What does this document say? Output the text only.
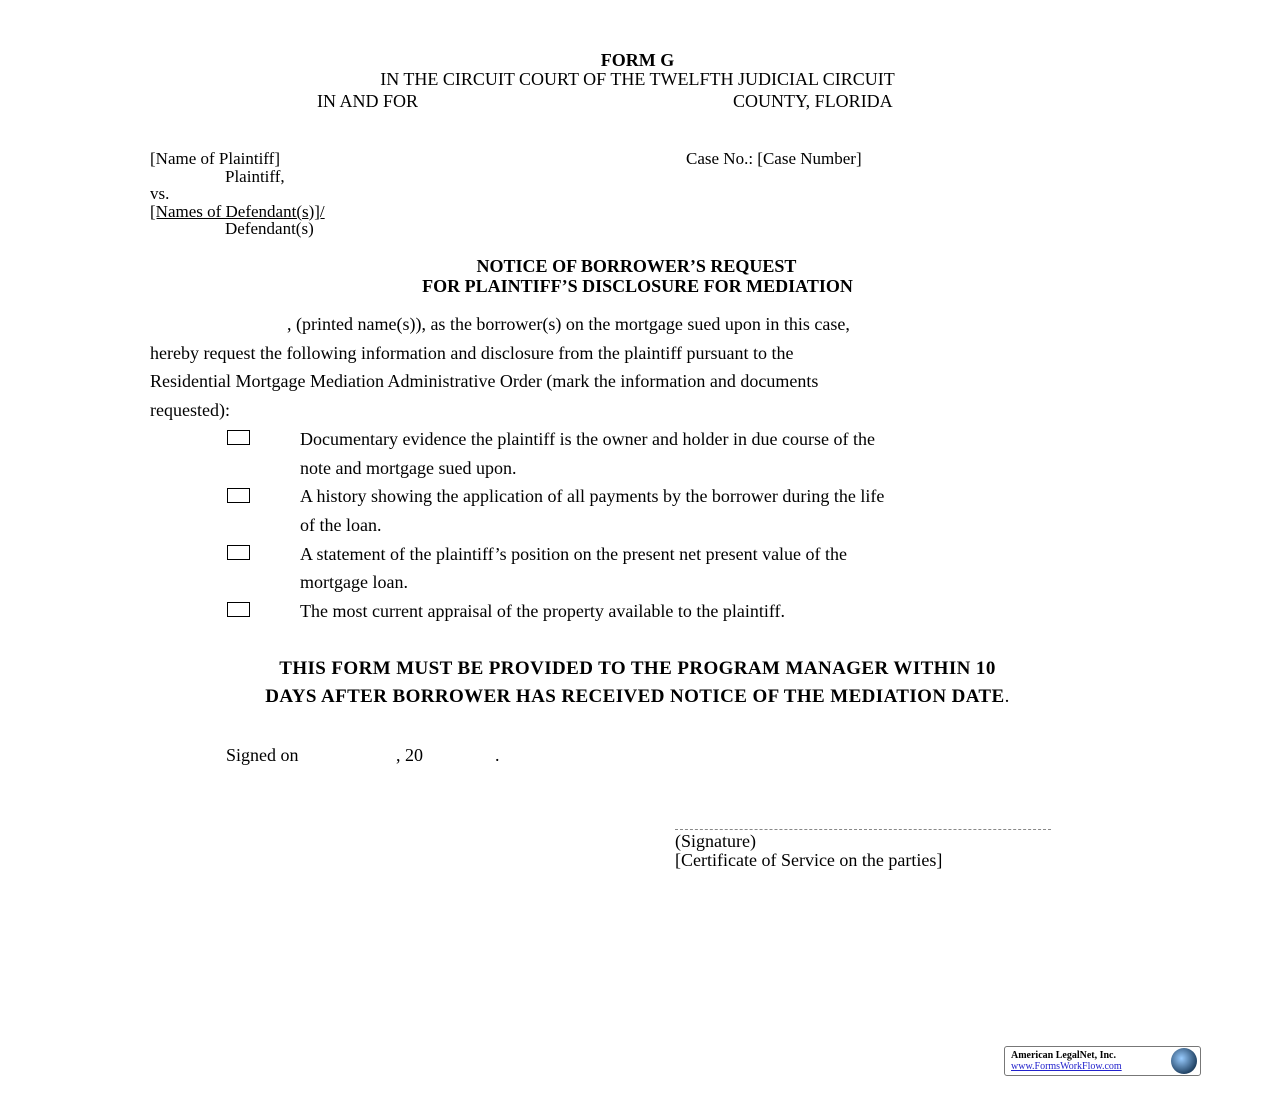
FORM G
IN THE CIRCUIT COURT OF THE TWELFTH JUDICIAL CIRCUIT
IN AND FOR	COUNTY, FLORIDA
[Name of Plaintiff]
Plaintiff,
vs.
[Names of Defendant(s)]/
Defendant(s)
Case No.: [Case Number]
NOTICE OF BORROWER’S REQUEST
FOR PLAINTIFF’S DISCLOSURE FOR MEDIATION
, (printed name(s)), as the borrower(s) on the mortgage sued upon in this case,
hereby request the following information and disclosure from the plaintiff pursuant to the
Residential Mortgage Mediation Administrative Order (mark the information and documents
requested):
Documentary evidence the plaintiff is the owner and holder in due course of the
note and mortgage sued upon.
A history showing the application of all payments by the borrower during the life
of the loan.
A statement of the plaintiff’s position on the present net present value of the
mortgage loan.
The most current appraisal of the property available to the plaintiff.
THIS FORM MUST BE PROVIDED TO THE PROGRAM MANAGER WITHIN 10
DAYS AFTER BORROWER HAS RECEIVED NOTICE OF THE MEDIATION DATE.
Signed on	, 20	.
(Signature)
[Certificate of Service on the parties]
American LegalNet, Inc.
www.FormsWorkFlow.com
